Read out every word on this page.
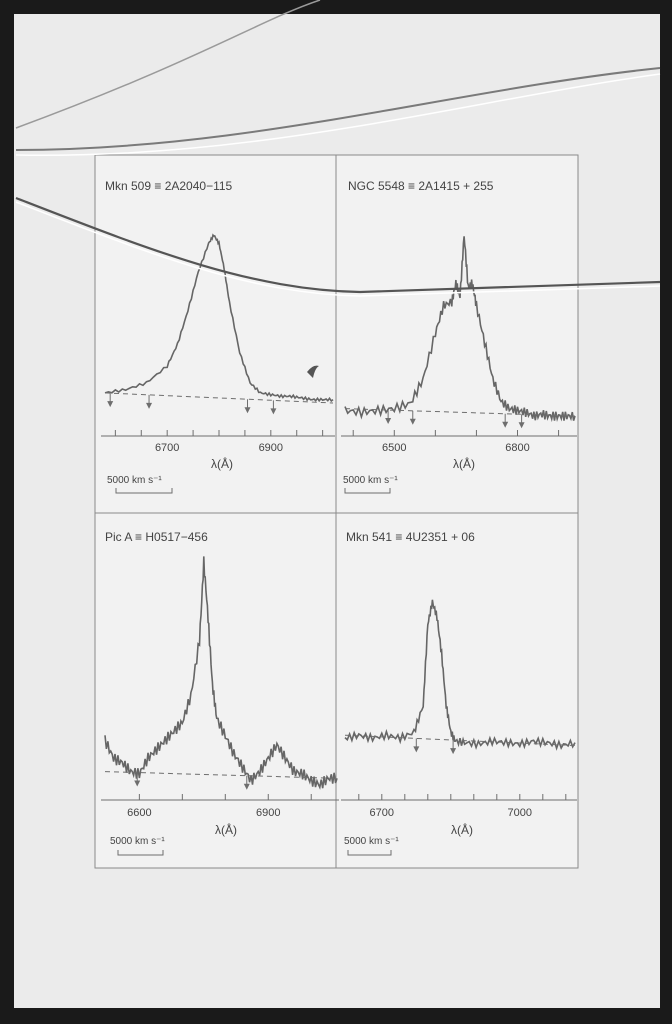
Mkn 509 ≡ 2A2040−115
λ(Å)
5000 km s⁻¹
6700	6900
NGC 5548 ≡ 2A1415 + 255
λ(Å)
5000 km s⁻¹
6500	6800
Pic A ≡ H0517−456
λ(Å)
5000 km s⁻¹
6600	6900
Mkn 541 ≡ 4U2351 + 06
λ(Å)
5000 km s⁻¹
6700	7000
